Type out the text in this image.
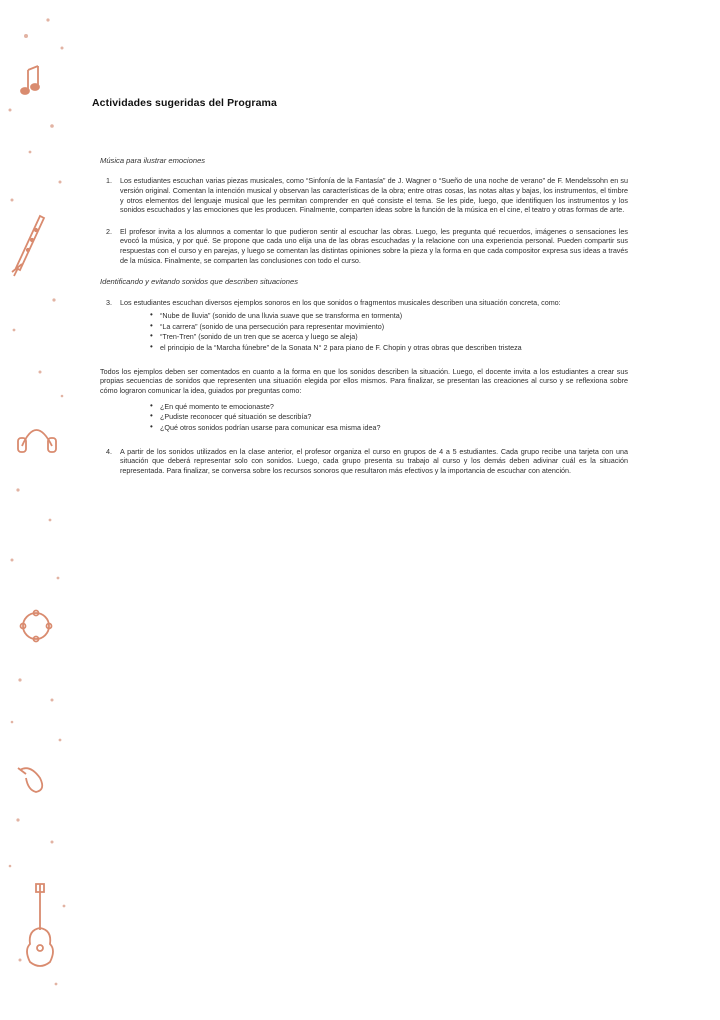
Actividades sugeridas del Programa
Música para ilustrar emociones
1. Los estudiantes escuchan varias piezas musicales, como “Sinfonía de la Fantasía” de J. Wagner o “Sueño de una noche de verano” de F. Mendelssohn en su versión original. Comentan la intención musical y observan las características de la obra; entre otras cosas, las notas altas y bajas, los instrumentos, el timbre y otros elementos del lenguaje musical que les permitan comprender en qué consiste el tema. Se les pide, luego, que identifiquen los instrumentos y los sonidos escuchados y las emociones que les producen. Finalmente, comparten ideas sobre la función de la música en el cine, el teatro y otras formas de arte.
2. El profesor invita a los alumnos a comentar lo que pudieron sentir al escuchar las obras. Luego, les pregunta qué recuerdos, imágenes o sensaciones les evocó la música, y por qué. Se propone que cada uno elija una de las obras escuchadas y la relacione con una experiencia personal. Pueden compartir sus respuestas con el curso y en parejas, y luego se comentan las distintas opiniones sobre la pieza y la forma en que cada compositor expresa sus ideas a través de la música. Finalmente, se comparten las conclusiones con todo el curso.
Identificando y evitando sonidos que describen situaciones
3. Los estudiantes escuchan diversos ejemplos sonoros en los que sonidos o fragmentos musicales describen una situación concreta, como:
• “Nube de lluvia” (sonido de una lluvia suave que se transforma en tormenta)
• “La carrera” (sonido de una persecución para representar movimiento)
• “Tren-Tren” (sonido de un tren que se acerca y luego se aleja)
• el principio de la “Marcha fúnebre” de la Sonata N° 2 para piano de F. Chopin y otras obras que describen tristeza
Todos los ejemplos deben ser comentados en cuanto a la forma en que los sonidos describen la situación. Luego, el docente invita a los estudiantes a crear sus propias secuencias de sonidos que representen una situación elegida por ellos mismos. Para finalizar, se presentan las creaciones al curso y se reflexiona sobre cómo lograron comunicar la idea, guiados por preguntas como:
• ¿En qué momento te emocionaste?
• ¿Pudiste reconocer qué situación se describía?
• ¿Qué otros sonidos podrían usarse para comunicar esa misma idea?
4. A partir de los sonidos utilizados en la clase anterior, el profesor organiza el curso en grupos de 4 a 5 estudiantes. Cada grupo recibe una tarjeta con una situación que deberá representar solo con sonidos. Luego, cada grupo presenta su trabajo al curso y los demás deben adivinar cuál es la situación representada. Para finalizar, se conversa sobre los recursos sonoros que resultaron más efectivos y la importancia de escuchar con atención.
